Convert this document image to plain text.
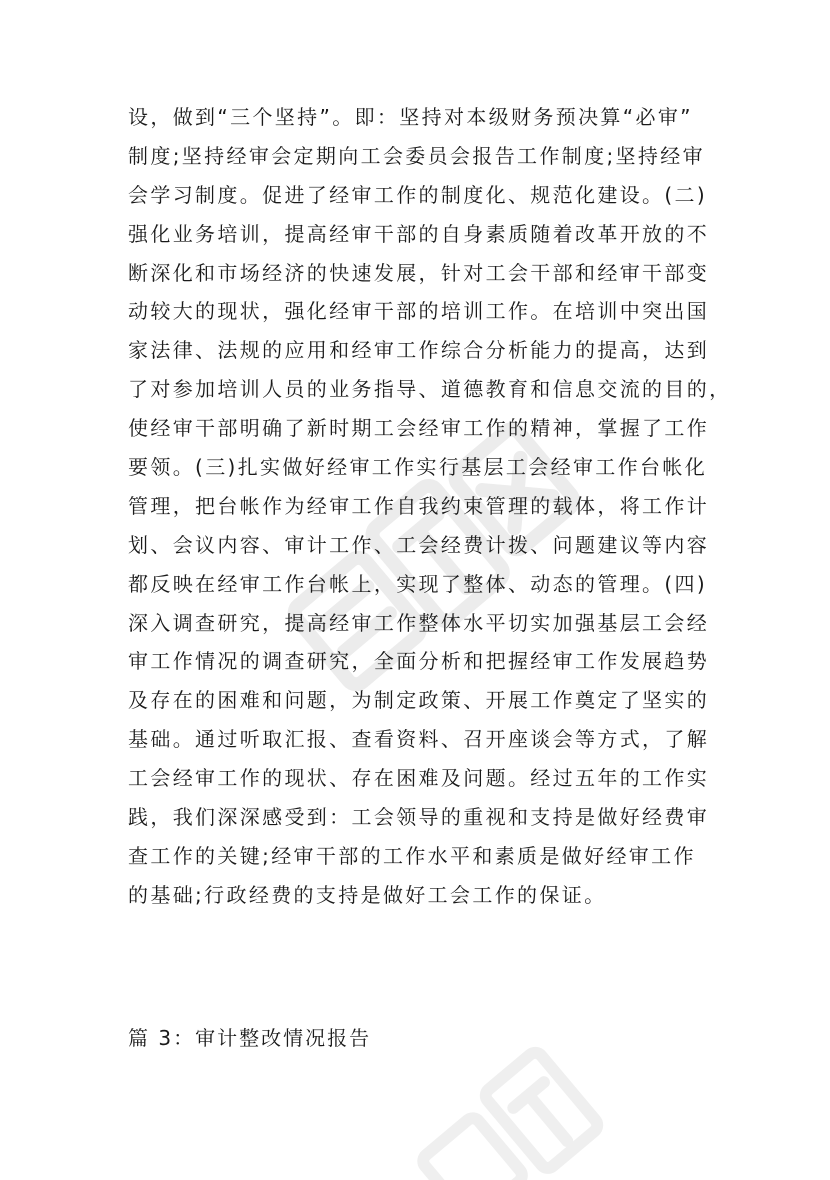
设，做到“三个坚持”。即：坚持对本级财务预决算“必审”
制度;坚持经审会定期向工会委员会报告工作制度;坚持经审
会学习制度。促进了经审工作的制度化、规范化建设。(二)
强化业务培训，提高经审干部的自身素质随着改革开放的不
断深化和市场经济的快速发展，针对工会干部和经审干部变
动较大的现状，强化经审干部的培训工作。在培训中突出国
家法律、法规的应用和经审工作综合分析能力的提高，达到
了对参加培训人员的业务指导、道德教育和信息交流的目的，
使经审干部明确了新时期工会经审工作的精神，掌握了工作
要领。(三)扎实做好经审工作实行基层工会经审工作台帐化
管理，把台帐作为经审工作自我约束管理的载体，将工作计
划、会议内容、审计工作、工会经费计拨、问题建议等内容
都反映在经审工作台帐上，实现了整体、动态的管理。(四)
深入调查研究，提高经审工作整体水平切实加强基层工会经
审工作情况的调查研究，全面分析和把握经审工作发展趋势
及存在的困难和问题，为制定政策、开展工作奠定了坚实的
基础。通过听取汇报、查看资料、召开座谈会等方式，了解
工会经审工作的现状、存在困难及问题。经过五年的工作实
践，我们深深感受到：工会领导的重视和支持是做好经费审
查工作的关键;经审干部的工作水平和素质是做好经审工作
的基础;行政经费的支持是做好工会工作的保证。
篇 3：审计整改情况报告
